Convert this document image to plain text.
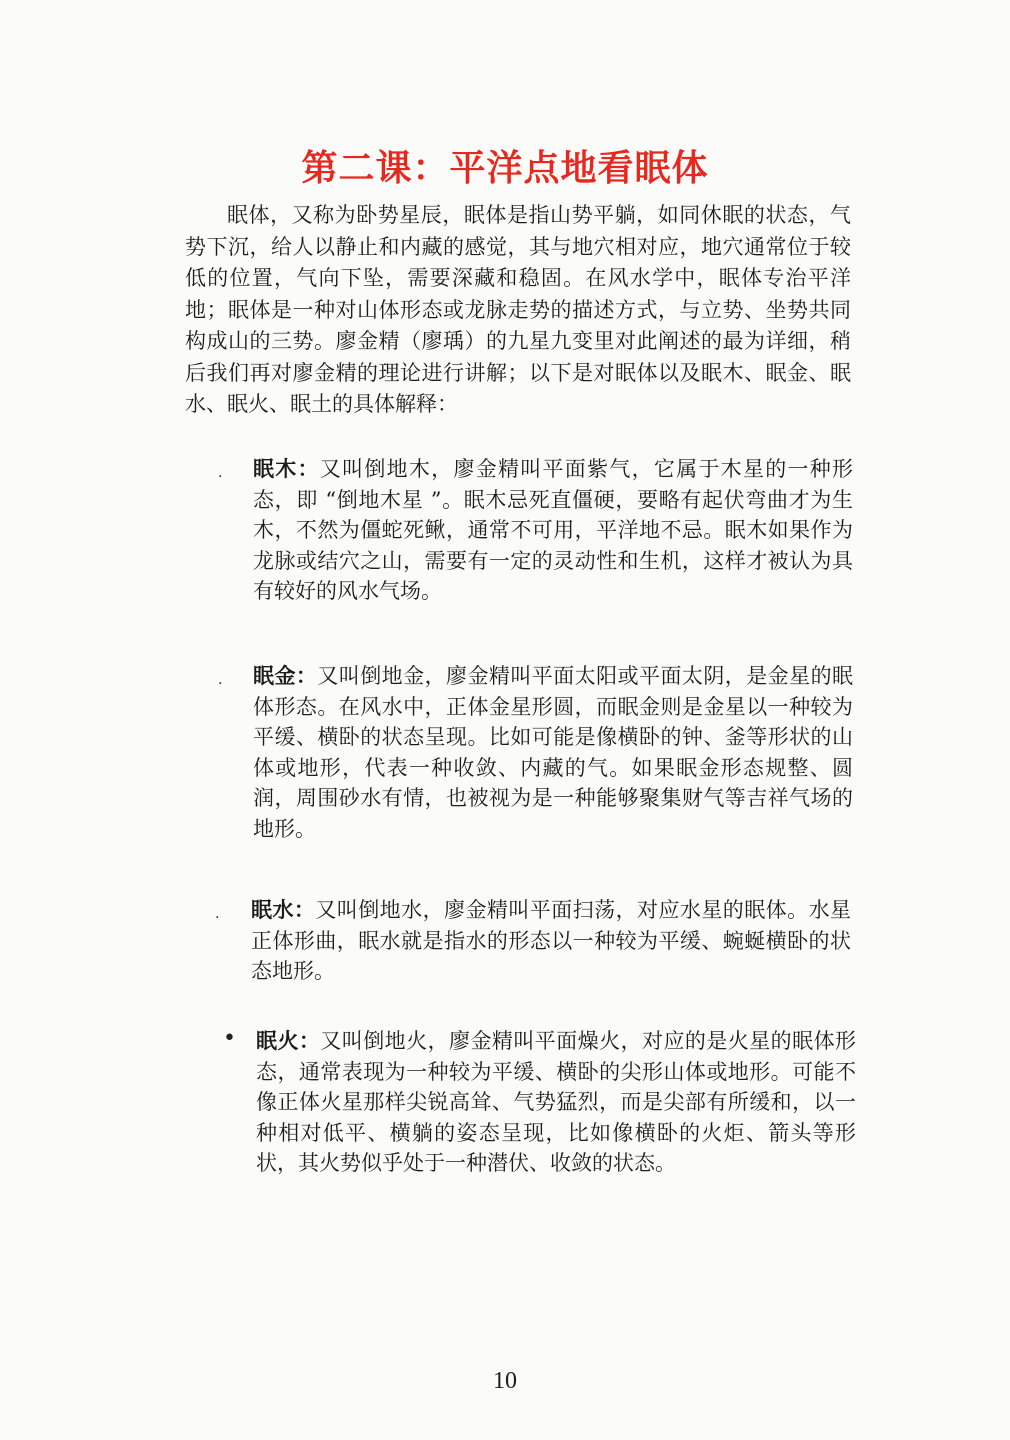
第二课：平洋点地看眠体

眠体，又称为卧势星辰，眠体是指山势平躺，如同休眠的状态，气势下沉，给人以静止和内藏的感觉，其与地穴相对应，地穴通常位于较低的位置，气向下坠，需要深藏和稳固。在风水学中，眠体专治平洋地；眠体是一种对山体形态或龙脉走势的描述方式，与立势、坐势共同构成山的三势。廖金精（廖瑀）的九星九变里对此阐述的最为详细，稍后我们再对廖金精的理论进行讲解；以下是对眠体以及眠木、眠金、眠水、眠火、眠土的具体解释：

. 眠木：又叫倒地木，廖金精叫平面紫气，它属于木星的一种形态，即 “倒地木星 ”。眠木忌死直僵硬，要略有起伏弯曲才为生木，不然为僵蛇死鳅，通常不可用，平洋地不忌。眠木如果作为龙脉或结穴之山，需要有一定的灵动性和生机，这样才被认为具有较好的风水气场。

. 眠金：又叫倒地金，廖金精叫平面太阳或平面太阴，是金星的眠体形态。在风水中，正体金星形圆，而眠金则是金星以一种较为平缓、横卧的状态呈现。比如可能是像横卧的钟、釜等形状的山体或地形，代表一种收敛、内藏的气。如果眠金形态规整、圆润，周围砂水有情，也被视为是一种能够聚集财气等吉祥气场的地形。

. 眠水：又叫倒地水，廖金精叫平面扫荡，对应水星的眠体。水星正体形曲，眠水就是指水的形态以一种较为平缓、蜿蜒横卧的状态地形。

• 眠火：又叫倒地火，廖金精叫平面燥火，对应的是火星的眠体形态，通常表现为一种较为平缓、横卧的尖形山体或地形。可能不像正体火星那样尖锐高耸、气势猛烈，而是尖部有所缓和，以一种相对低平、横躺的姿态呈现，比如像横卧的火炬、箭头等形状，其火势似乎处于一种潜伏、收敛的状态。

10
